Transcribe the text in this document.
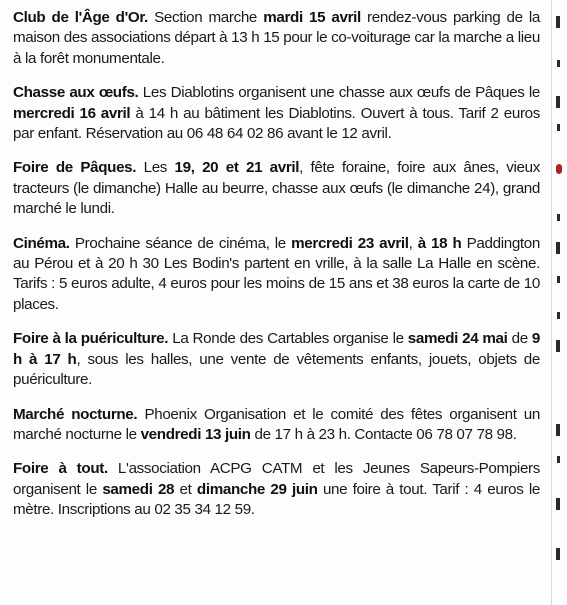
Club de l'Âge d'Or. Section marche mardi 15 avril rendez-vous parking de la maison des associations départ à 13 h 15 pour le co-voiturage car la marche a lieu à la forêt monumentale.

Chasse aux œufs. Les Diablotins organisent une chasse aux œufs de Pâques le mercredi 16 avril à 14 h au bâtiment les Diablotins. Ouvert à tous. Tarif 2 euros par enfant. Réservation au 06 48 64 02 86 avant le 12 avril.

Foire de Pâques. Les 19, 20 et 21 avril, fête foraine, foire aux ânes, vieux tracteurs (le dimanche) Halle au beurre, chasse aux œufs (le dimanche 24), grand marché le lundi.

Cinéma. Prochaine séance de cinéma, le mercredi 23 avril, à 18 h Paddington au Pérou et à 20 h 30 Les Bodin's partent en vrille, à la salle La Halle en scène. Tarifs : 5 euros adulte, 4 euros pour les moins de 15 ans et 38 euros la carte de 10 places.

Foire à la puériculture. La Ronde des Cartables organise le samedi 24 mai de 9 h à 17 h, sous les halles, une vente de vêtements enfants, jouets, objets de puériculture.

Marché nocturne. Phoenix Organisation et le comité des fêtes organisent un marché nocturne le vendredi 13 juin de 17 h à 23 h. Contacte 06 78 07 78 98.

Foire à tout. L'association ACPG CATM et les Jeunes Sapeurs-Pompiers organisent le samedi 28 et dimanche 29 juin une foire à tout. Tarif : 4 euros le mètre. Inscriptions au 02 35 34 12 59.
